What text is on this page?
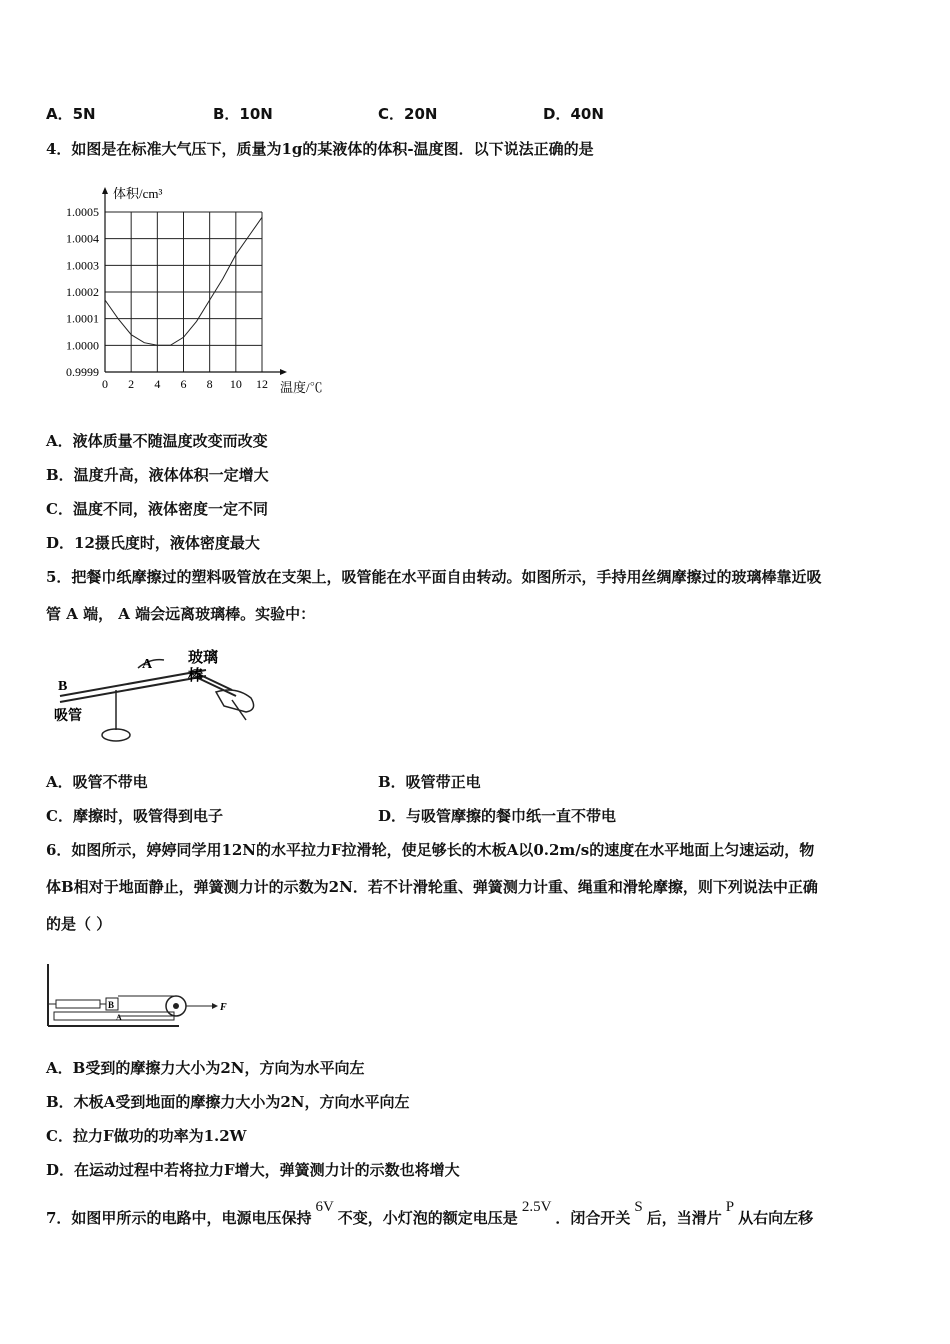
A．5N	B．10N	C．20N	D．40N
4．如图是在标准大气压下，质量为1g的某液体的体积-温度图．以下说法正确的是
0 2 4 6 8 10 12
0.9999
1.0000
1.0001
1.0002
1.0003
1.0004
1.0005
体积/cm³
温度/℃
A．液体质量不随温度改变而改变
B．温度升高，液体体积一定增大
C．温度不同，液体密度一定不同
D．12摄氏度时，液体密度最大
5．把餐巾纸摩擦过的塑料吸管放在支架上，吸管能在水平面自由转动。如图所示，手持用丝绸摩擦过的玻璃棒靠近吸
管 A 端， A 端会远离玻璃棒。实验中：
B
A
吸管
玻璃
棒
A．吸管不带电	B．吸管带正电
C．摩擦时，吸管得到电子	D．与吸管摩擦的餐巾纸一直不带电
6．如图所示，婷婷同学用12N的水平拉力F拉滑轮，使足够长的木板A以0.2m/s的速度在水平地面上匀速运动，物
体B相对于地面静止，弹簧测力计的示数为2N．若不计滑轮重、弹簧测力计重、绳重和滑轮摩擦，则下列说法中正确
的是（ ）
B
A
F
A．B受到的摩擦力大小为2N，方向为水平向左
B．木板A受到地面的摩擦力大小为2N，方向水平向左
C．拉力F做功的功率为1.2W
D．在运动过程中若将拉力F增大，弹簧测力计的示数也将增大
7．如图甲所示的电路中，电源电压保持6V不变，小灯泡的额定电压是2.5V．闭合开关S后，当滑片P从右向左移
